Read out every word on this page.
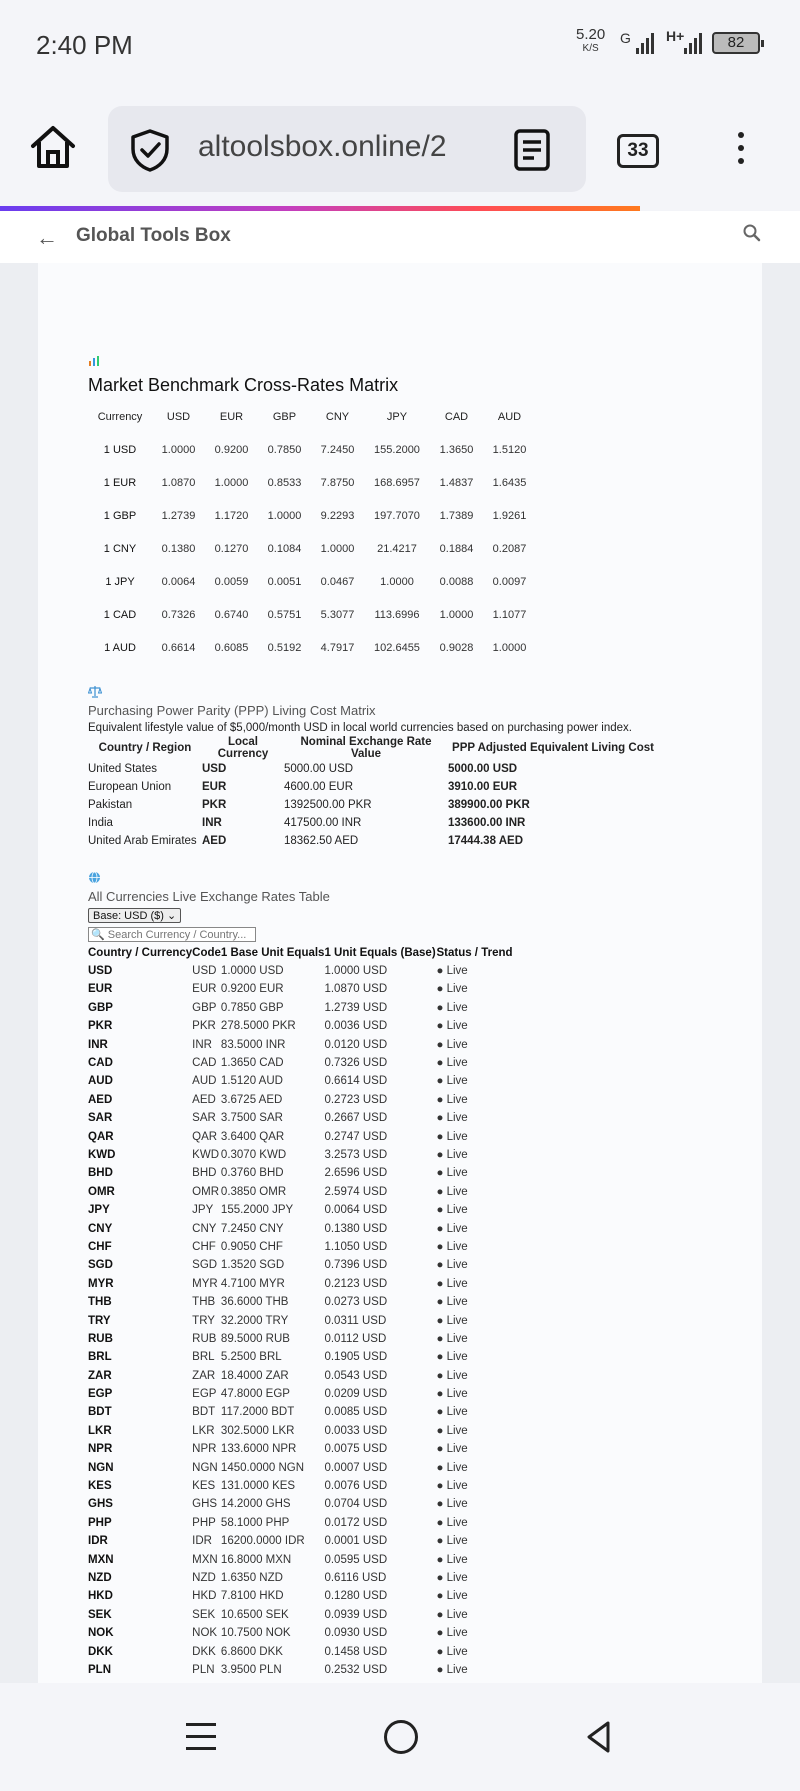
2:40 PM	5.20
K/S
G	H+	82
altoolsbox.online/2	33
← Global Tools Box
Market Benchmark Cross-Rates Matrix
Currency	USD	EUR	GBP	CNY	JPY	CAD	AUD
1 USD	1.0000	0.9200	0.7850	7.2450	155.2000	1.3650	1.5120
1 EUR	1.0870	1.0000	0.8533	7.8750	168.6957	1.4837	1.6435
1 GBP	1.2739	1.1720	1.0000	9.2293	197.7070	1.7389	1.9261
1 CNY	0.1380	0.1270	0.1084	1.0000	21.4217	0.1884	0.2087
1 JPY	0.0064	0.0059	0.0051	0.0467	1.0000	0.0088	0.0097
1 CAD	0.7326	0.6740	0.5751	5.3077	113.6996	1.0000	1.1077
1 AUD	0.6614	0.6085	0.5192	4.7917	102.6455	0.9028	1.0000
Purchasing Power Parity (PPP) Living Cost Matrix
Equivalent lifestyle value of $5,000/month USD in local world currencies based on purchasing power index.
Country / Region	Local Currency	Nominal Exchange Rate Value	PPP Adjusted Equivalent Living Cost
United States	USD	5000.00 USD	5000.00 USD
European Union	EUR	4600.00 EUR	3910.00 EUR
Pakistan	PKR	1392500.00 PKR	389900.00 PKR
India	INR	417500.00 INR	133600.00 INR
United Arab Emirates	AED	18362.50 AED	17444.38 AED
All Currencies Live Exchange Rates Table
Base: USD ($) ⌄
🔍 Search Currency / Country...
Country / Currency	Code	1 Base Unit Equals	1 Unit Equals (Base)	Status / Trend
USD	USD	1.0000 USD	1.0000 USD	● Live
EUR	EUR	0.9200 EUR	1.0870 USD	● Live
GBP	GBP	0.7850 GBP	1.2739 USD	● Live
PKR	PKR	278.5000 PKR	0.0036 USD	● Live
INR	INR	83.5000 INR	0.0120 USD	● Live
CAD	CAD	1.3650 CAD	0.7326 USD	● Live
AUD	AUD	1.5120 AUD	0.6614 USD	● Live
AED	AED	3.6725 AED	0.2723 USD	● Live
SAR	SAR	3.7500 SAR	0.2667 USD	● Live
QAR	QAR	3.6400 QAR	0.2747 USD	● Live
KWD	KWD	0.3070 KWD	3.2573 USD	● Live
BHD	BHD	0.3760 BHD	2.6596 USD	● Live
OMR	OMR	0.3850 OMR	2.5974 USD	● Live
JPY	JPY	155.2000 JPY	0.0064 USD	● Live
CNY	CNY	7.2450 CNY	0.1380 USD	● Live
CHF	CHF	0.9050 CHF	1.1050 USD	● Live
SGD	SGD	1.3520 SGD	0.7396 USD	● Live
MYR	MYR	4.7100 MYR	0.2123 USD	● Live
THB	THB	36.6000 THB	0.0273 USD	● Live
TRY	TRY	32.2000 TRY	0.0311 USD	● Live
RUB	RUB	89.5000 RUB	0.0112 USD	● Live
BRL	BRL	5.2500 BRL	0.1905 USD	● Live
ZAR	ZAR	18.4000 ZAR	0.0543 USD	● Live
EGP	EGP	47.8000 EGP	0.0209 USD	● Live
BDT	BDT	117.2000 BDT	0.0085 USD	● Live
LKR	LKR	302.5000 LKR	0.0033 USD	● Live
NPR	NPR	133.6000 NPR	0.0075 USD	● Live
NGN	NGN	1450.0000 NGN	0.0007 USD	● Live
KES	KES	131.0000 KES	0.0076 USD	● Live
GHS	GHS	14.2000 GHS	0.0704 USD	● Live
PHP	PHP	58.1000 PHP	0.0172 USD	● Live
IDR	IDR	16200.0000 IDR	0.0001 USD	● Live
MXN	MXN	16.8000 MXN	0.0595 USD	● Live
NZD	NZD	1.6350 NZD	0.6116 USD	● Live
HKD	HKD	7.8100 HKD	0.1280 USD	● Live
SEK	SEK	10.6500 SEK	0.0939 USD	● Live
NOK	NOK	10.7500 NOK	0.0930 USD	● Live
DKK	DKK	6.8600 DKK	0.1458 USD	● Live
PLN	PLN	3.9500 PLN	0.2532 USD	● Live
